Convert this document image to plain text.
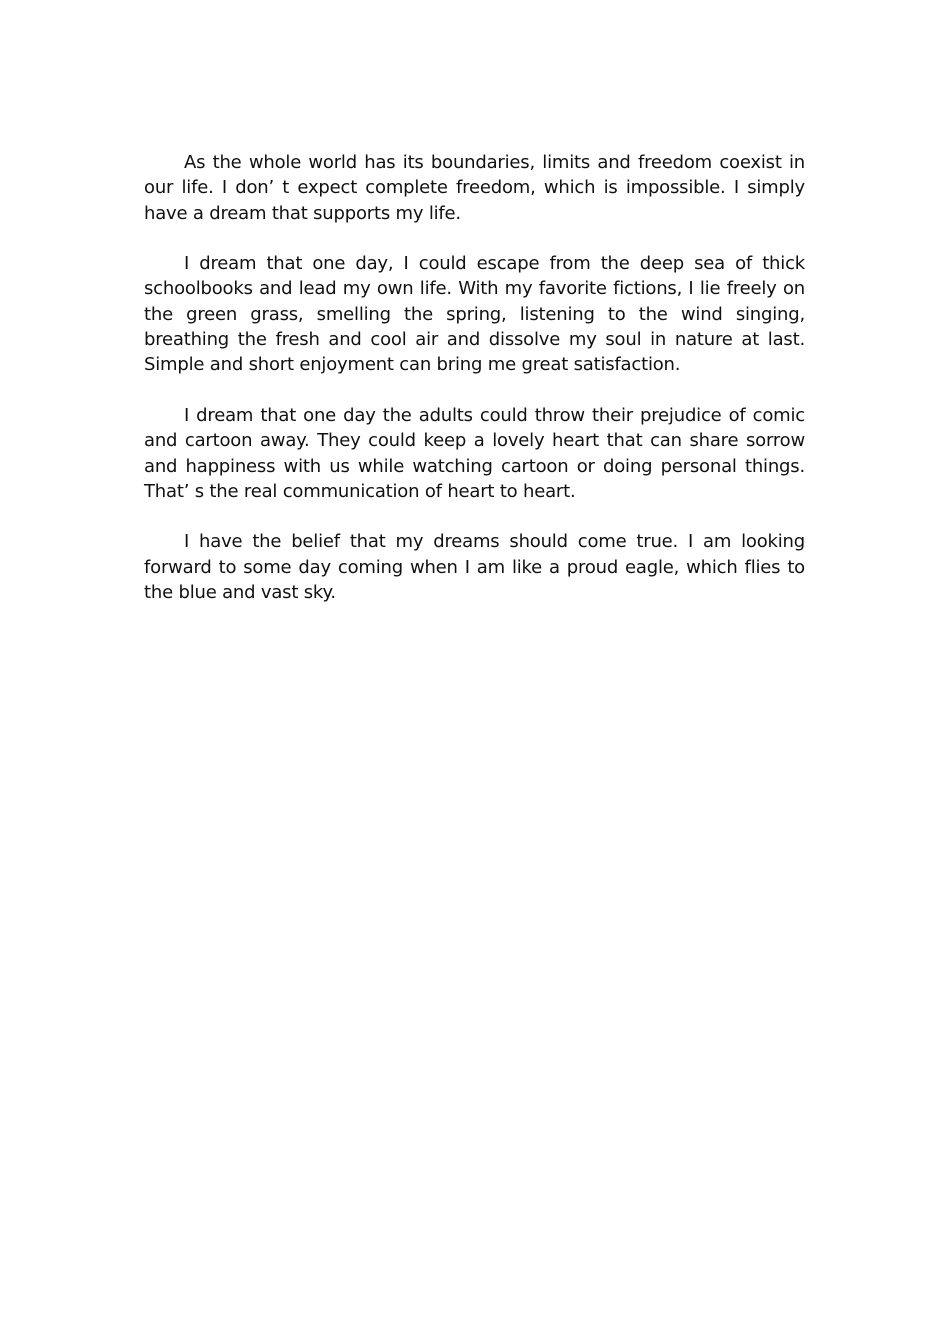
As the whole world has its boundaries, limits and freedom coexist in our life. I don’ t expect complete freedom, which is impossible. I simply have a dream that supports my life.

I dream that one day, I could escape from the deep sea of thick schoolbooks and lead my own life. With my favorite fictions, I lie freely on the green grass, smelling the spring, listening to the wind singing, breathing the fresh and cool air and dissolve my soul in nature at last. Simple and short enjoyment can bring me great satisfaction.

I dream that one day the adults could throw their prejudice of comic and cartoon away. They could keep a lovely heart that can share sorrow and happiness with us while watching cartoon or doing personal things. That’ s the real communication of heart to heart.

I have the belief that my dreams should come true. I am looking forward to some day coming when I am like a proud eagle, which flies to the blue and vast sky.
